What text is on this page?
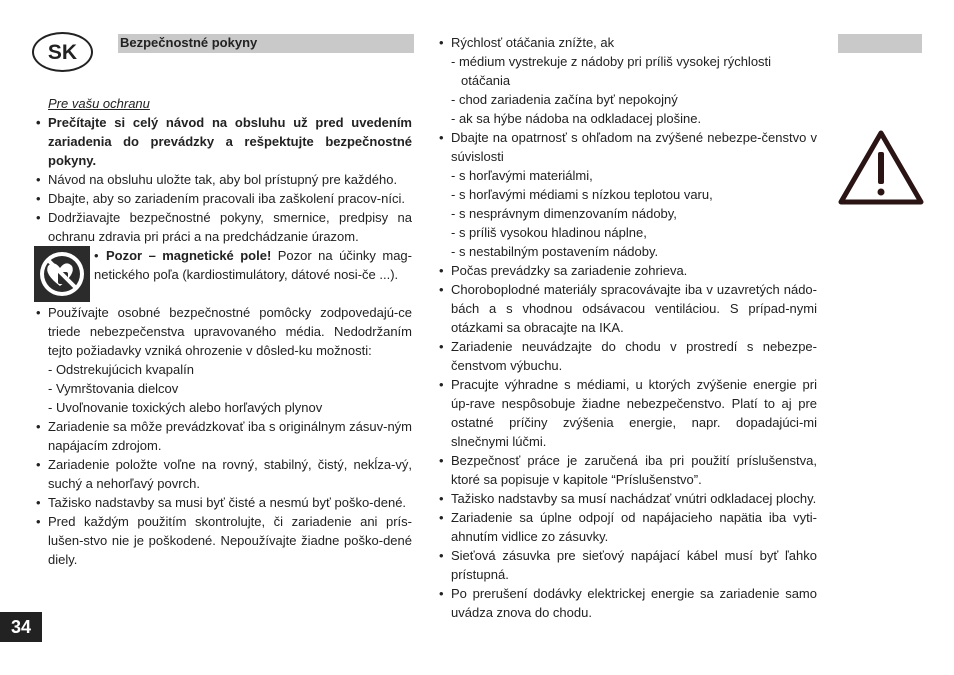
SK	Bezpečnostné pokyny
34

Pre vašu ochranu

• Prečítajte si celý návod na obsluhu už pred uvedením zariadenia do prevádzky a rešpektujte bezpečnostné pokyny.

• Návod na obsluhu uložte tak, aby bol prístupný pre každého.

• Dbajte, aby so zariadením pracovali iba zaškolení pracov-níci.

• Dodržiavajte bezpečnostné pokyny, smernice, predpisy na ochranu zdravia pri práci a na predchádzanie úrazom.

• Pozor – magnetické pole! Pozor na účinky mag-netického poľa (kardiostimulátory, dátové nosi-če ...).

• Používajte osobné bezpečnostné pomôcky zodpovedajú-ce triede nebezpečenstva upravovaného média. Nedodržaním tejto požiadavky vzniká ohrozenie v dôsled-ku možnosti:

- Odstrekujúcich kvapalín

- Vymrštovania dielcov

- Uvoľnovanie toxických alebo horľavých plynov

• Zariadenie sa môže prevádzkovať iba s originálnym zásuv-ným napájacím zdrojom.

• Zariadenie položte voľne na rovný, stabilný, čistý, nekĺza-vý, suchý a nehorľavý povrch.

• Tažisko nadstavby sa musi byť čisté a nesmú byť poško-dené.

• Pred každým použitím skontrolujte, či zariadenie ani prís-lušen-stvo nie je poškodené. Nepoužívajte žiadne poško-dené diely.

• Rýchlosť otáčania znížte, ak

- médium vystrekuje z nádoby pri príliš vysokej rýchlosti

otáčania

- chod zariadenia začína byť nepokojný

- ak sa hýbe nádoba na odkladacej plošine.

• Dbajte na opatrnosť s ohľadom na zvýšené nebezpe-čenstvo v súvislosti

- s horľavými materiálmi,

- s horľavými médiami s nízkou teplotou varu,

- s nesprávnym dimenzovaním nádoby,

- s príliš vysokou hladinou náplne,

- s nestabilným postavením nádoby.

• Počas prevádzky sa zariadenie zohrieva.

• Choroboplodné materiály spracovávajte iba v uzavretých nádo-bách a s vhodnou odsávacou ventiláciou. S prípad-nymi otázkami sa obracajte na IKA.

• Zariadenie neuvádzajte do chodu v prostredí s nebezpe-čenstvom výbuchu.

• Pracujte výhradne s médiami, u ktorých zvýšenie energie pri úp-rave nespôsobuje žiadne nebezpečenstvo. Platí to aj pre ostatné príčiny zvýšenia energie, napr. dopadajúci-mi slnečnymi lúčmi.

• Bezpečnosť práce je zaručená iba pri použití príslušenstva, ktoré sa popisuje v kapitole “Príslušenstvo”.

• Tažisko nadstavby sa musí nachádzať vnútri odkladacej plochy.

• Zariadenie sa úplne odpojí od napájacieho napätia iba vyti-ahnutím vidlice zo zásuvky.

• Sieťová zásuvka pre sieťový napájací kábel musí byť ľahko prístupná.

• Po prerušení dodávky elektrickej energie sa zariadenie samo uvádza znova do chodu.
